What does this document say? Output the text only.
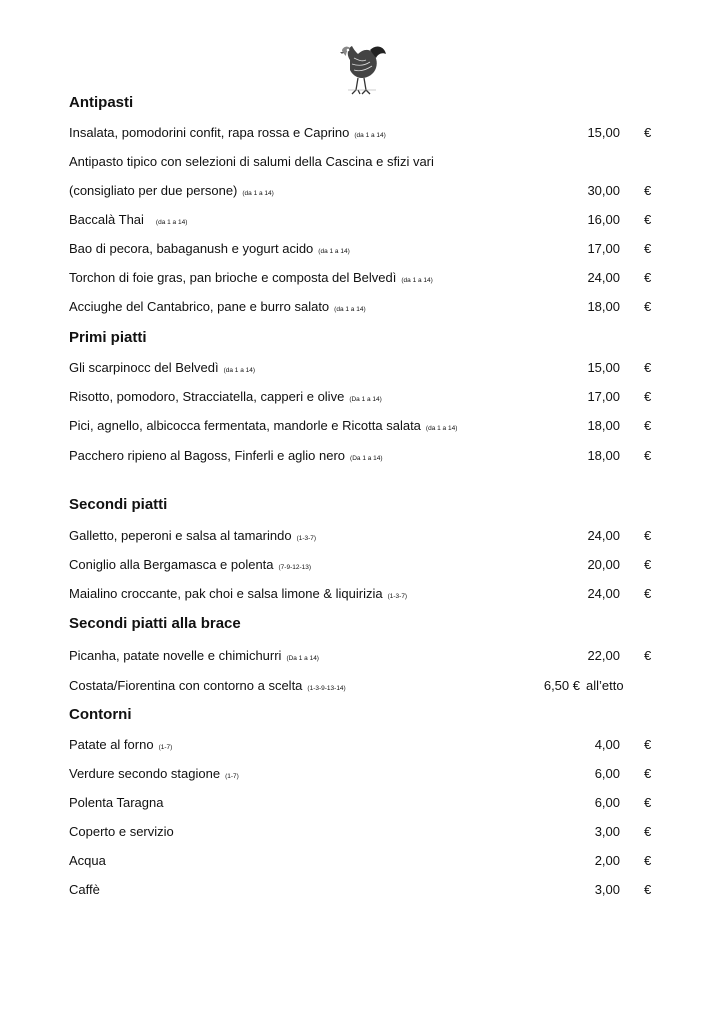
Antipasti
Insalata, pomodorini confit, rapa rossa e Caprino (da 1 a 14)	15,00 €
Antipasto tipico con selezioni di salumi della Cascina e sfizi vari
(consigliato per due persone) (da 1 a 14)	30,00 €
Baccalà Thai (da 1 a 14)	16,00 €
Bao di pecora, babaganush e yogurt acido (da 1 a 14)	17,00 €
Torchon di foie gras, pan brioche e composta del Belvedì (da 1 a 14)	24,00 €
Acciughe del Cantabrico, pane e burro salato (da 1 a 14)	18,00 €
Primi piatti
Gli scarpinocc del Belvedì (da 1 a 14)	15,00 €
Risotto, pomodoro, Stracciatella, capperi e olive (Da 1 a 14)	17,00 €
Pici, agnello, albicocca fermentata, mandorle e Ricotta salata (da 1 a 14)	18,00 €
Pacchero ripieno al Bagoss, Finferli e aglio nero (Da 1 a 14)	18,00 €
Secondi piatti
Galletto, peperoni e salsa al tamarindo (1-3-7)	24,00 €
Coniglio alla Bergamasca e polenta (7-9-12-13)	20,00 €
Maialino croccante, pak choi e salsa limone & liquirizia (1-3-7)	24,00 €
Secondi piatti alla brace
Picanha, patate novelle e chimichurri (Da 1 a 14)	22,00 €
Costata/Fiorentina con contorno a scelta (1-3-9-13-14)	6,50 € all’etto
Contorni
Patate al forno (1-7)	4,00 €
Verdure secondo stagione (1-7)	6,00 €
Polenta Taragna	6,00 €
Coperto e servizio	3,00 €
Acqua	2,00 €
Caffè	3,00 €
